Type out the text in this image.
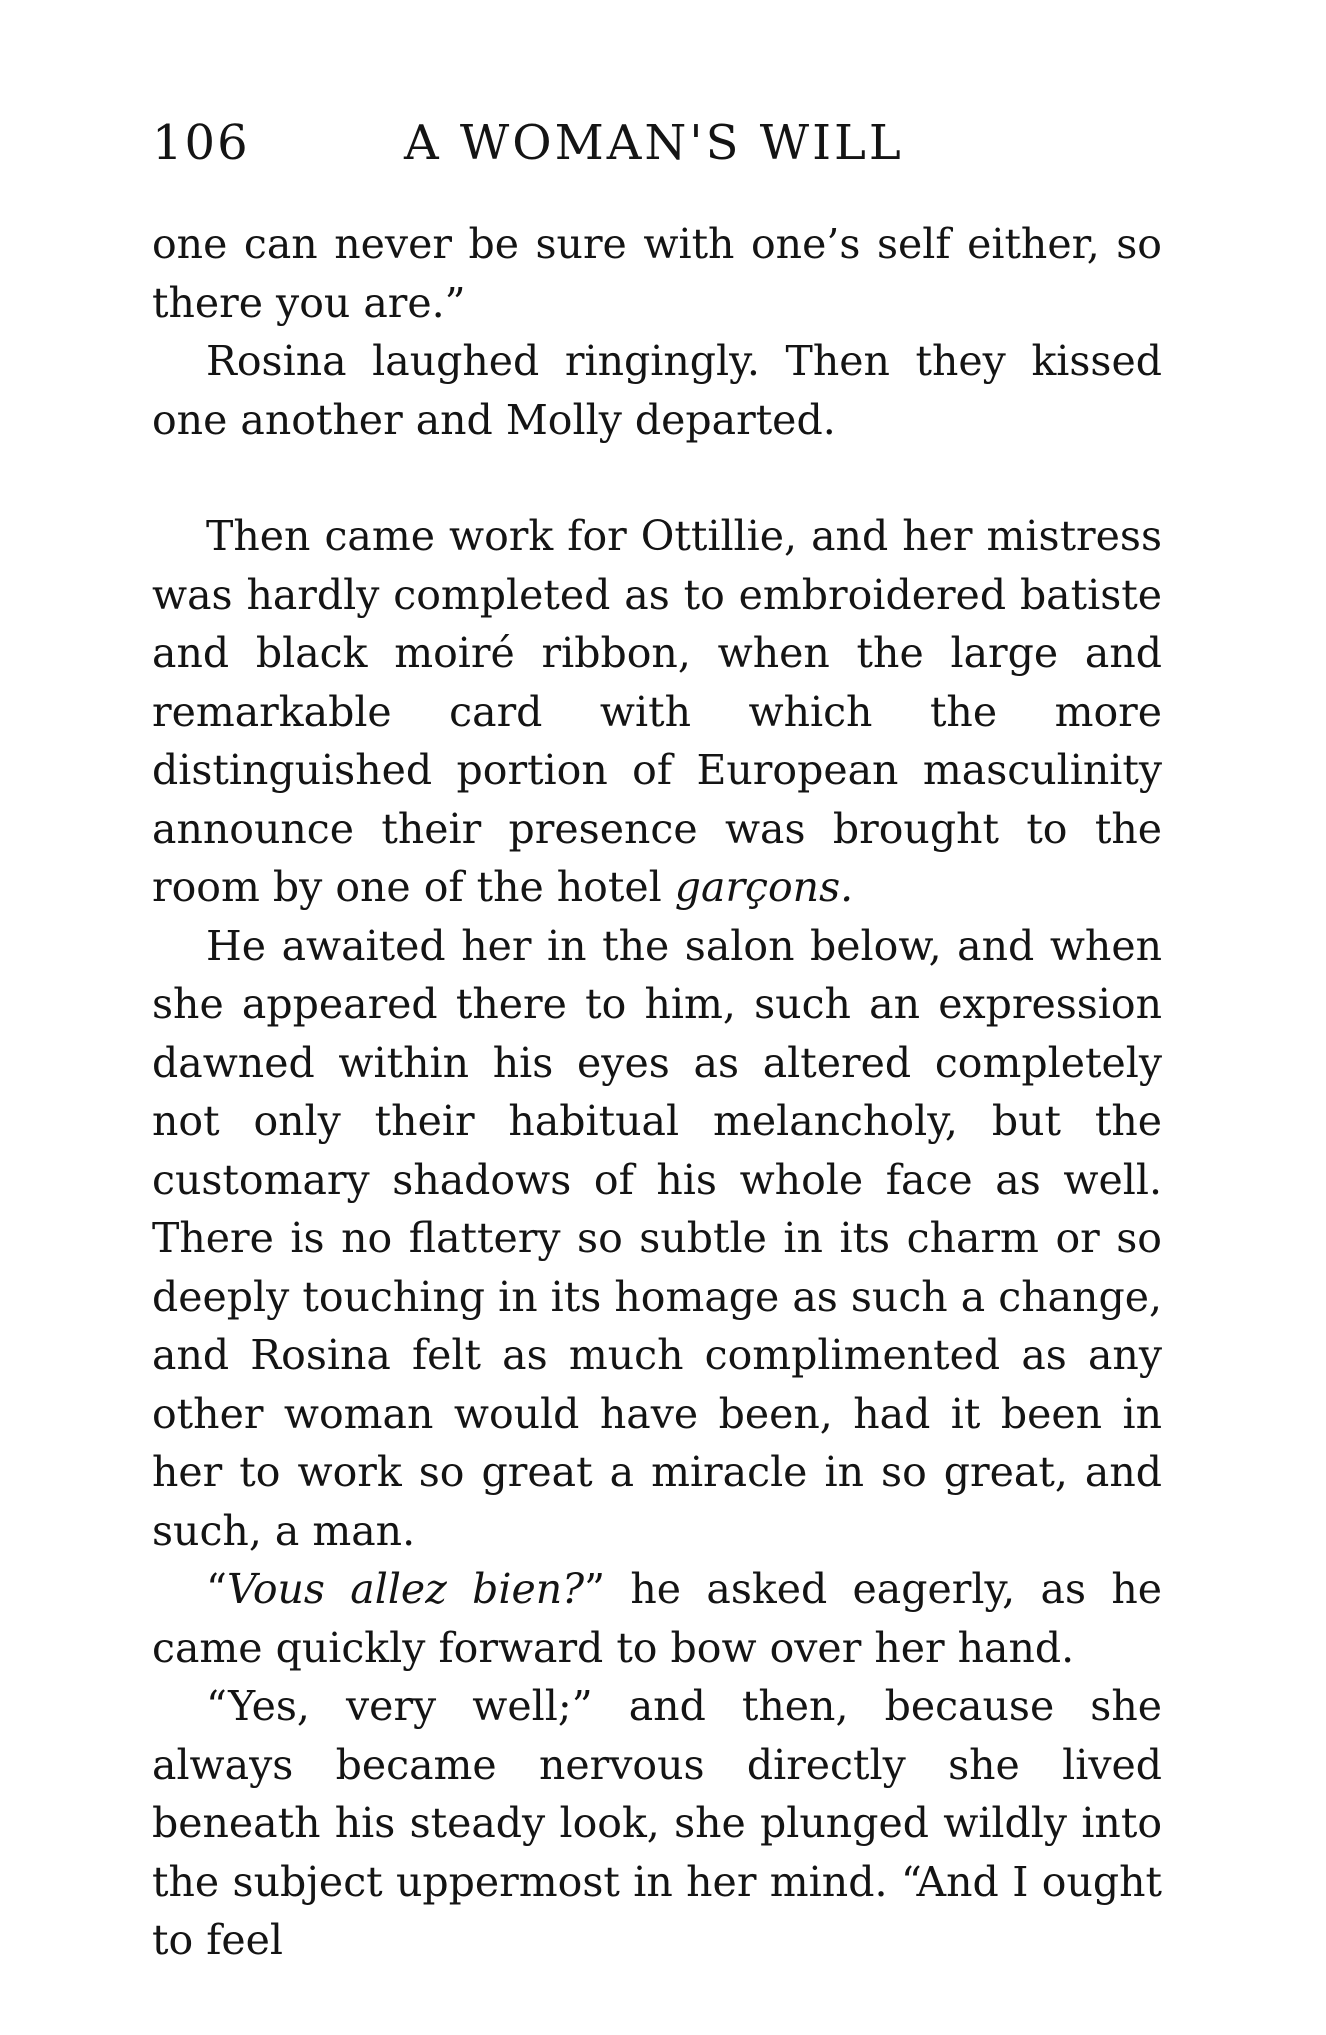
106	A WOMAN'S WILL

one can never be sure with one’s self either, so there you are.”

Rosina laughed ringingly. Then they kissed one another and Molly departed.

Then came work for Ottillie, and her mistress was hardly completed as to embroidered batiste and black moiré ribbon, when the large and remarkable card with which the more distinguished portion of European masculinity announce their presence was brought to the room by one of the hotel garçons.

He awaited her in the salon below, and when she appeared there to him, such an expression dawned within his eyes as altered completely not only their habitual melancholy, but the customary shadows of his whole face as well. There is no flattery so subtle in its charm or so deeply touching in its homage as such a change, and Rosina felt as much complimented as any other woman would have been, had it been in her to work so great a miracle in so great, and such, a man.

“Vous allez bien?” he asked eagerly, as he came quickly forward to bow over her hand.

“Yes, very well;” and then, because she always became nervous directly she lived beneath his steady look, she plunged wildly into the subject uppermost in her mind. “And I ought to feel
